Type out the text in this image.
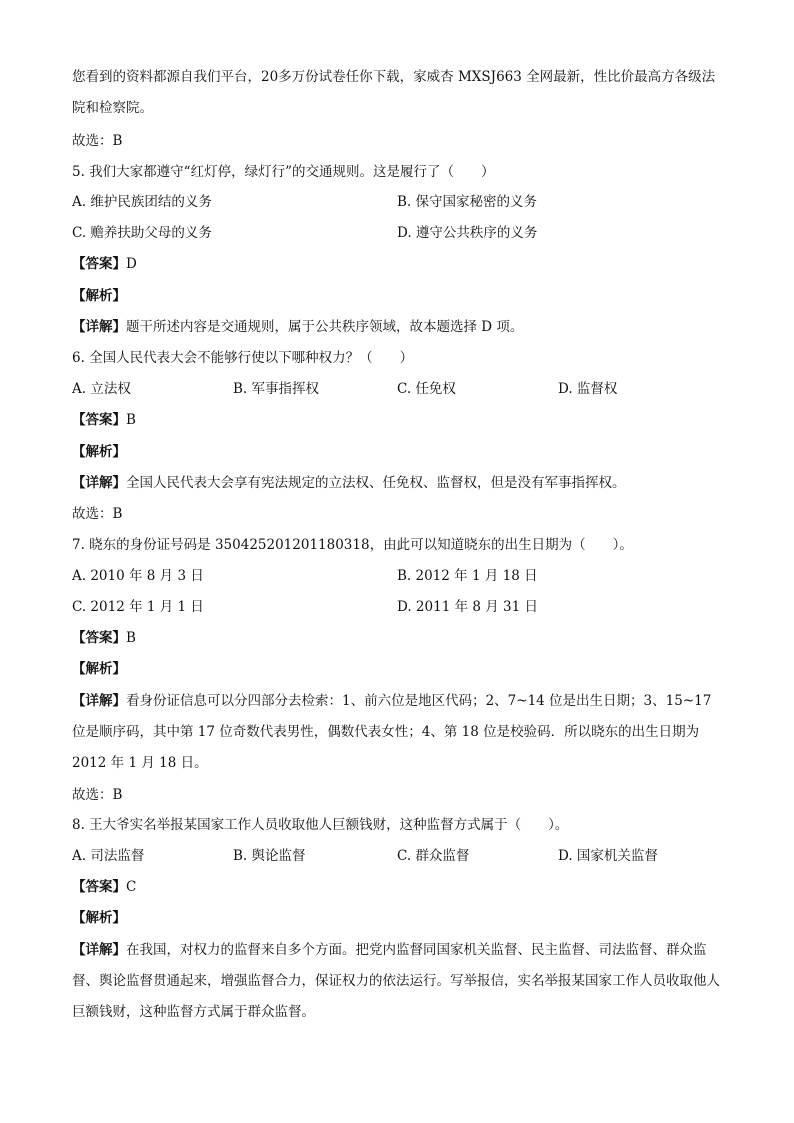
您看到的资料都源自我们平台，20多万份试卷任你下载，家威杏 MXSJ663 全网最新，性比价最高方各级法院和检察院。
故选：B
5. 我们大家都遵守“红灯停，绿灯行”的交通规则。这是履行了（　　）
A. 维护民族团结的义务	B. 保守国家秘密的义务
C. 赡养扶助父母的义务	D. 遵守公共秩序的义务
【答案】D
【解析】
【详解】题干所述内容是交通规则，属于公共秩序领域，故本题选择 D 项。
6. 全国人民代表大会不能够行使以下哪种权力？（　　）
A. 立法权	B. 军事指挥权	C. 任免权	D. 监督权
【答案】B
【解析】
【详解】全国人民代表大会享有宪法规定的立法权、任免权、监督权，但是没有军事指挥权。
故选：B
7. 晓东的身份证号码是 350425201201180318，由此可以知道晓东的出生日期为（　　）。
A. 2010 年 8 月 3 日	B. 2012 年 1 月 18 日
C. 2012 年 1 月 1 日	D. 2011 年 8 月 31 日
【答案】B
【解析】
【详解】看身份证信息可以分四部分去检索：1、前六位是地区代码；2、7~14 位是出生日期；3、15~17 位是顺序码，其中第 17 位奇数代表男性，偶数代表女性；4、第 18 位是校验码．所以晓东的出生日期为 2012 年 1 月 18 日。
故选：B
8. 王大爷实名举报某国家工作人员收取他人巨额钱财，这种监督方式属于（　　）。
A. 司法监督	B. 舆论监督	C. 群众监督	D. 国家机关监督
【答案】C
【解析】
【详解】在我国，对权力的监督来自多个方面。把党内监督同国家机关监督、民主监督、司法监督、群众监督、舆论监督贯通起来，增强监督合力，保证权力的依法运行。写举报信，实名举报某国家工作人员收取他人巨额钱财，这种监督方式属于群众监督。
